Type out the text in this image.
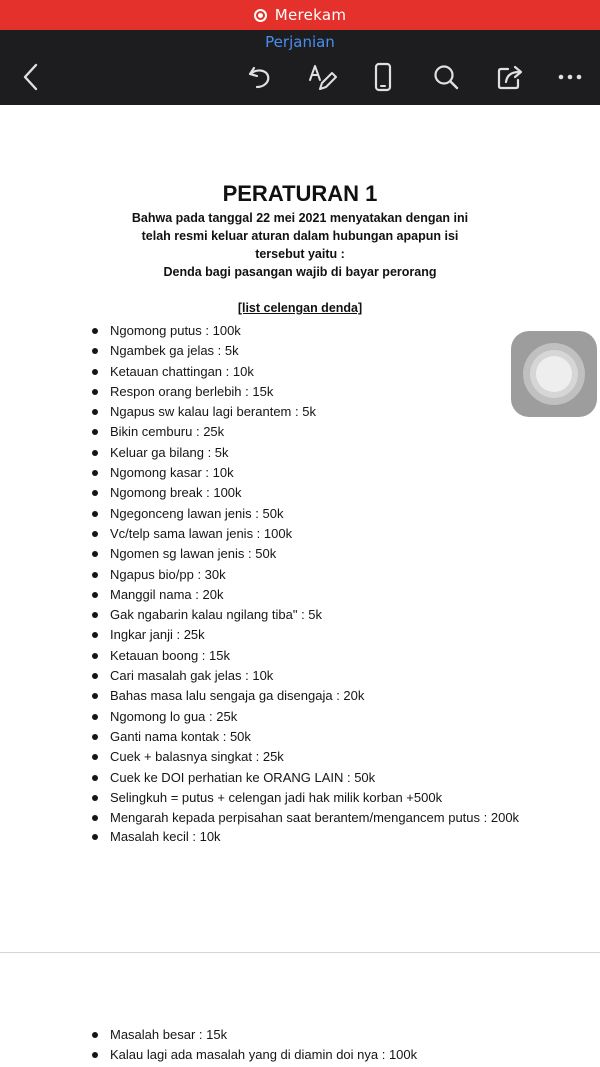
Merekam
Perjanian
PERATURAN 1
Bahwa pada tanggal 22 mei 2021 menyatakan dengan ini
telah resmi keluar aturan dalam hubungan apapun isi
tersebut yaitu :
Denda bagi pasangan wajib di bayar perorang
[list celengan denda]
Ngomong putus : 100k
Ngambek ga jelas : 5k
Ketauan chattingan : 10k
Respon orang berlebih : 15k
Ngapus sw kalau lagi berantem : 5k
Bikin cemburu : 25k
Keluar ga bilang : 5k
Ngomong kasar : 10k
Ngomong break : 100k
Ngegonceng lawan jenis : 50k
Vc/telp sama lawan jenis : 100k
Ngomen sg lawan jenis : 50k
Ngapus bio/pp : 30k
Manggil nama : 20k
Gak ngabarin kalau ngilang tiba" : 5k
Ingkar janji : 25k
Ketauan boong : 15k
Cari masalah gak jelas : 10k
Bahas masa lalu sengaja ga disengaja : 20k
Ngomong lo gua : 25k
Ganti nama kontak : 50k
Cuek + balasnya singkat : 25k
Cuek ke DOI perhatian ke ORANG LAIN : 50k
Selingkuh = putus + celengan jadi hak milik korban +500k
Mengarah kepada perpisahan saat berantem/mengancem putus : 200k
Masalah kecil : 10k
Masalah besar : 15k
Kalau lagi ada masalah yang di diamin doi nya : 100k
